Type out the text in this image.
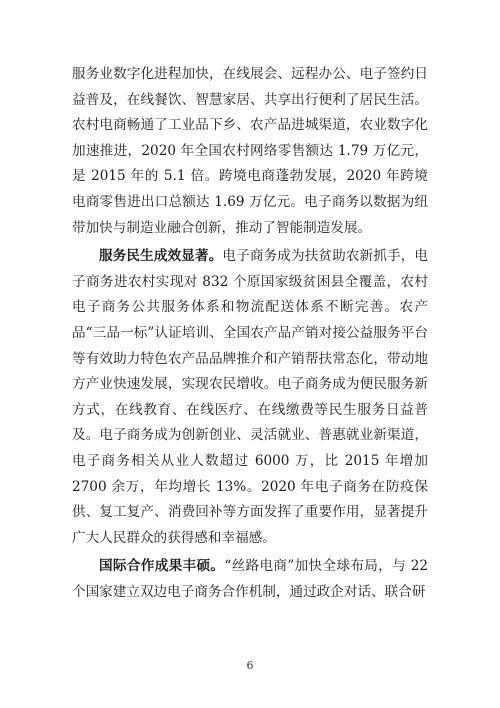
服务业数字化进程加快，在线展会、远程办公、电子签约日益普及，在线餐饮、智慧家居、共享出行便利了居民生活。农村电商畅通了工业品下乡、农产品进城渠道，农业数字化加速推进，2020 年全国农村网络零售额达 1.79 万亿元，是 2015 年的 5.1 倍。跨境电商蓬勃发展，2020 年跨境电商零售进出口总额达 1.69 万亿元。电子商务以数据为纽带加快与制造业融合创新，推动了智能制造发展。

服务民生成效显著。电子商务成为扶贫助农新抓手，电子商务进农村实现对 832 个原国家级贫困县全覆盖，农村电子商务公共服务体系和物流配送体系不断完善。农产品“三品一标”认证培训、全国农产品产销对接公益服务平台等有效助力特色农产品品牌推介和产销帮扶常态化，带动地方产业快速发展，实现农民增收。电子商务成为便民服务新方式，在线教育、在线医疗、在线缴费等民生服务日益普及。电子商务成为创新创业、灵活就业、普惠就业新渠道，电子商务相关从业人数超过 6000 万，比 2015 年增加 2700 余万，年均增长 13%。2020 年电子商务在防疫保供、复工复产、消费回补等方面发挥了重要作用，显著提升广大人民群众的获得感和幸福感。

国际合作成果丰硕。“丝路电商”加快全球布局，与 22 个国家建立双边电子商务合作机制，通过政企对话、联合研

6
